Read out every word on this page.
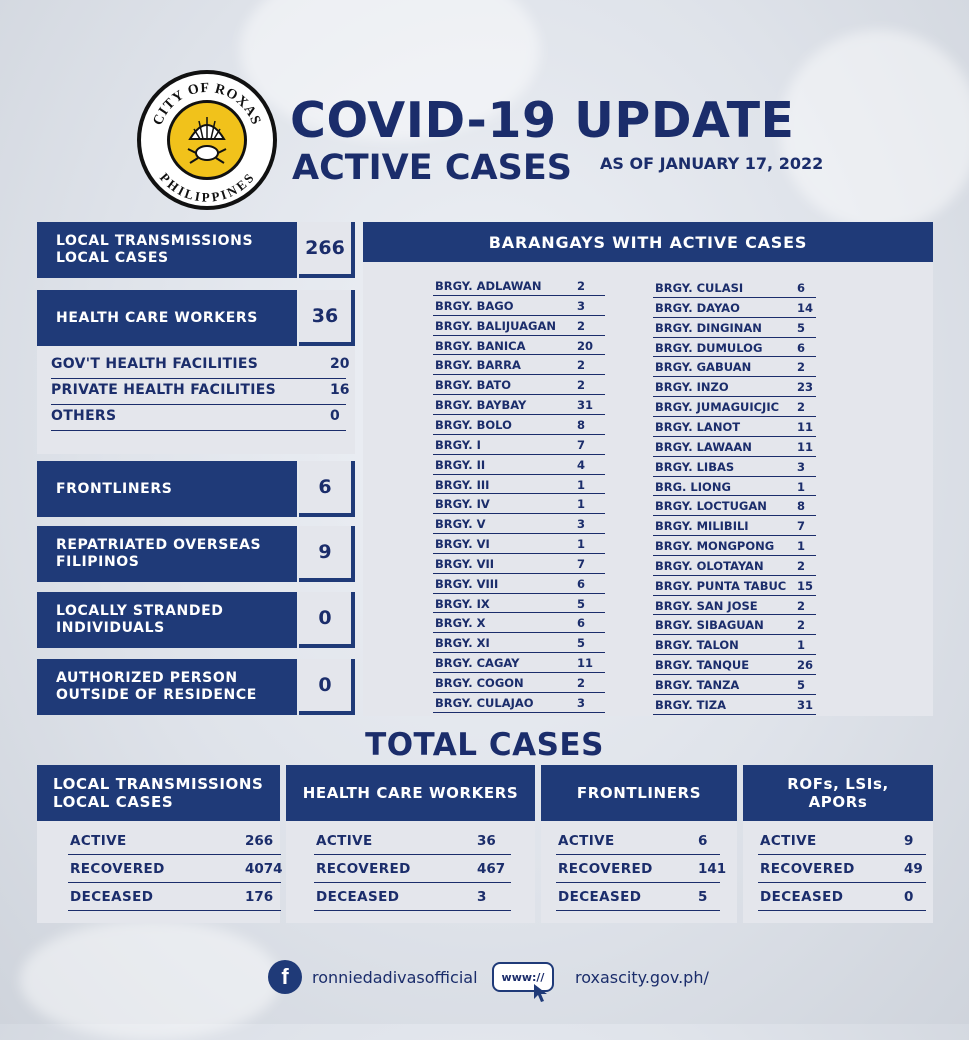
CITY OF ROXAS
PHILIPPINES
COVID-19 UPDATE
ACTIVE CASES AS OF JANUARY 17, 2022
LOCAL TRANSMISSIONS
LOCAL CASES	266
HEALTH CARE WORKERS	36
GOV'T HEALTH FACILITIES	20
PRIVATE HEALTH FACILITIES	16
OTHERS	0
FRONTLINERS	6
REPATRIATED OVERSEAS
FILIPINOS	9
LOCALLY STRANDED
INDIVIDUALS	0
AUTHORIZED PERSON
OUTSIDE OF RESIDENCE	0
BARANGAYS WITH ACTIVE CASES
BRGY. ADLAWAN	2
BRGY. BAGO	3
BRGY. BALIJUAGAN 2
BRGY. BANICA	20
BRGY. BARRA	2
BRGY. BATO	2
BRGY. BAYBAY	31
BRGY. BOLO	8
BRGY. I	7
BRGY. II	4
BRGY. III	1
BRGY. IV	1
BRGY. V	3
BRGY. VI	1
BRGY. VII	7
BRGY. VIII	6
BRGY. IX	5
BRGY. X	6
BRGY. XI	5
BRGY. CAGAY	11
BRGY. COGON	2
BRGY. CULAJAO	3
BRGY. CULASI	6
BRGY. DAYAO	14
BRGY. DINGINAN	5
BRGY. DUMULOG	6
BRGY. GABUAN	2
BRGY. INZO	23
BRGY. JUMAGUICJIC 2
BRGY. LANOT	11
BRGY. LAWAAN	11
BRGY. LIBAS	3
BRG. LIONG	1
BRGY. LOCTUGAN	8
BRGY. MILIBILI	7
BRGY. MONGPONG 1
BRGY. OLOTAYAN	2
BRGY. PUNTA TABUC 15
BRGY. SAN JOSE	2
BRGY. SIBAGUAN	2
BRGY. TALON	1
BRGY. TANQUE	26
BRGY. TANZA	5
BRGY. TIZA	31
TOTAL CASES
LOCAL TRANSMISSIONS
LOCAL CASES
ACTIVE	266
RECOVERED	4074
DECEASED	176
HEALTH CARE WORKERS
ACTIVE	36
RECOVERED	467
DECEASED	3
FRONTLINERS
ACTIVE	6
RECOVERED	141
DECEASED	5
ROFs, LSIs,
APORs
ACTIVE	9
RECOVERED	49
DECEASED	0
f	ronniedadivasofficial	www://	roxascity.gov.ph/
